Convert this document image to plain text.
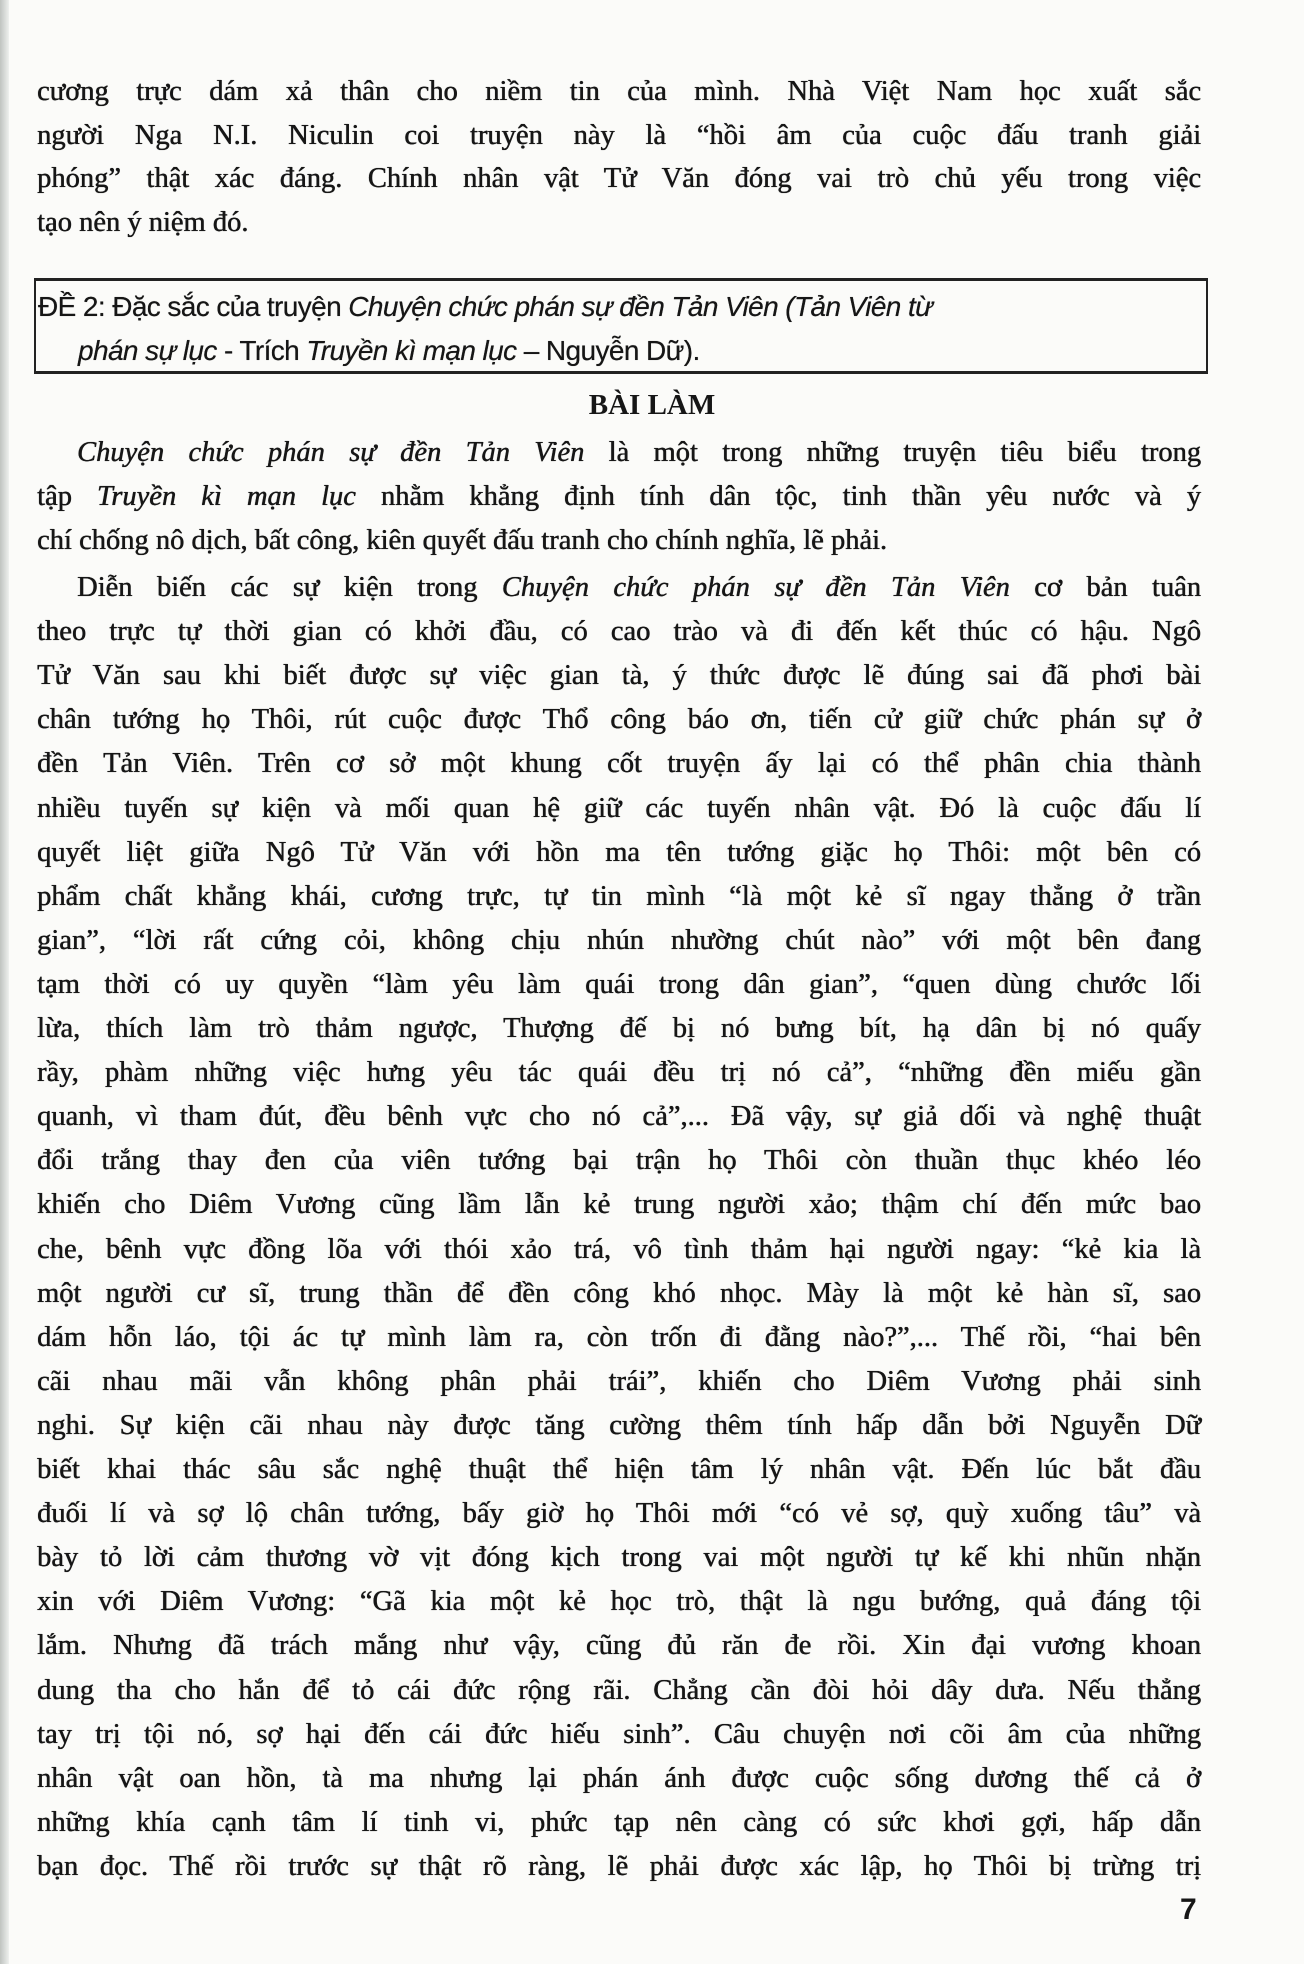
BÀI LÀM
7
cương trực dám xả thân cho niềm tin của mình. Nhà Việt Nam học xuất sắc
người Nga N.I. Niculin coi truyện này là “hồi âm của cuộc đấu tranh giải
phóng” thật xác đáng. Chính nhân vật Tử Văn đóng vai trò chủ yếu trong việc
tạo nên ý niệm đó.
ĐỀ 2: Đặc sắc của truyện Chuyện chức phán sự đền Tản Viên (Tản Viên từ
phán sự lục - Trích Truyền kì mạn lục – Nguyễn Dữ).
Chuyện chức phán sự đền Tản Viên là một trong những truyện tiêu biểu trong
tập Truyền kì mạn lục nhằm khẳng định tính dân tộc, tinh thần yêu nước và ý
chí chống nô dịch, bất công, kiên quyết đấu tranh cho chính nghĩa, lẽ phải.
Diễn biến các sự kiện trong Chuyện chức phán sự đền Tản Viên cơ bản tuân
theo trực tự thời gian có khởi đầu, có cao trào và đi đến kết thúc có hậu. Ngô
Tử Văn sau khi biết được sự việc gian tà, ý thức được lẽ đúng sai đã phơi bài
chân tướng họ Thôi, rút cuộc được Thổ công báo ơn, tiến cử giữ chức phán sự ở
đền Tản Viên. Trên cơ sở một khung cốt truyện ấy lại có thể phân chia thành
nhiều tuyến sự kiện và mối quan hệ giữ các tuyến nhân vật. Đó là cuộc đấu lí
quyết liệt giữa Ngô Tử Văn với hồn ma tên tướng giặc họ Thôi: một bên có
phẩm chất khẳng khái, cương trực, tự tin mình “là một kẻ sĩ ngay thẳng ở trần
gian”, “lời rất cứng cỏi, không chịu nhún nhường chút nào” với một bên đang
tạm thời có uy quyền “làm yêu làm quái trong dân gian”, “quen dùng chước lối
lừa, thích làm trò thảm ngược, Thượng đế bị nó bưng bít, hạ dân bị nó quấy
rầy, phàm những việc hưng yêu tác quái đều trị nó cả”, “những đền miếu gần
quanh, vì tham đút, đều bênh vực cho nó cả”,... Đã vậy, sự giả dối và nghệ thuật
đổi trắng thay đen của viên tướng bại trận họ Thôi còn thuần thục khéo léo
khiến cho Diêm Vương cũng lầm lẫn kẻ trung người xảo; thậm chí đến mức bao
che, bênh vực đồng lõa với thói xảo trá, vô tình thảm hại người ngay: “kẻ kia là
một người cư sĩ, trung thần để đền công khó nhọc. Mày là một kẻ hàn sĩ, sao
dám hỗn láo, tội ác tự mình làm ra, còn trốn đi đằng nào?”,... Thế rồi, “hai bên
cãi nhau mãi vẫn không phân phải trái”, khiến cho Diêm Vương phải sinh
nghi. Sự kiện cãi nhau này được tăng cường thêm tính hấp dẫn bởi Nguyễn Dữ
biết khai thác sâu sắc nghệ thuật thể hiện tâm lý nhân vật. Đến lúc bắt đầu
đuối lí và sợ lộ chân tướng, bấy giờ họ Thôi mới “có vẻ sợ, quỳ xuống tâu” và
bày tỏ lời cảm thương vờ vịt đóng kịch trong vai một người tự kế khi nhũn nhặn
xin với Diêm Vương: “Gã kia một kẻ học trò, thật là ngu bướng, quả đáng tội
lắm. Nhưng đã trách mắng như vậy, cũng đủ răn đe rồi. Xin đại vương khoan
dung tha cho hắn để tỏ cái đức rộng rãi. Chẳng cần đòi hỏi dây dưa. Nếu thẳng
tay trị tội nó, sợ hại đến cái đức hiếu sinh”. Câu chuyện nơi cõi âm của những
nhân vật oan hồn, tà ma nhưng lại phán ánh được cuộc sống dương thế cả ở
những khía cạnh tâm lí tinh vi, phức tạp nên càng có sức khơi gợi, hấp dẫn
bạn đọc. Thế rồi trước sự thật rõ ràng, lẽ phải được xác lập, họ Thôi bị trừng trị
